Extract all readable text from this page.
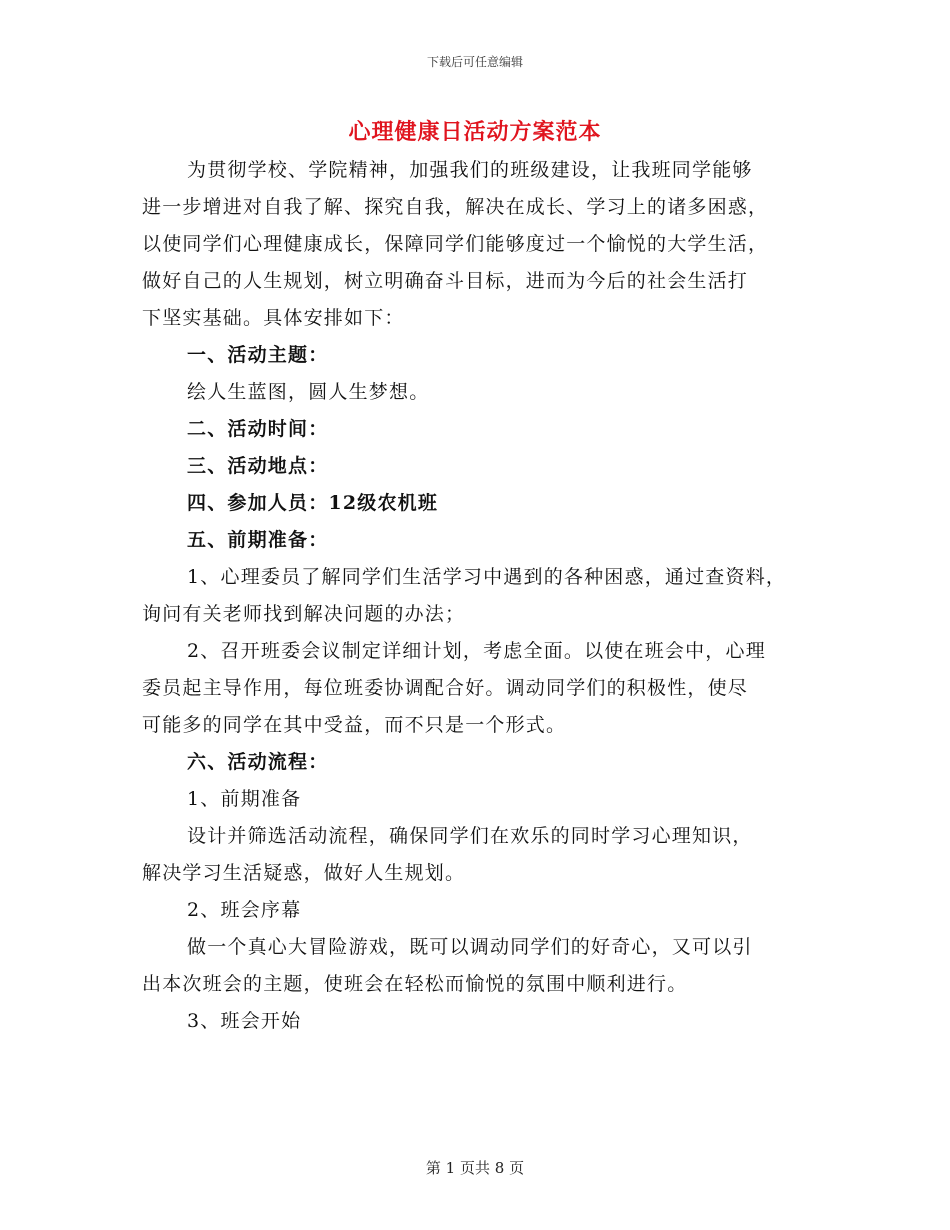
下载后可任意编辑
心理健康日活动方案范本

为贯彻学校、学院精神，加强我们的班级建设，让我班同学能够
进一步增进对自我了解、探究自我，解决在成长、学习上的诸多困惑，
以使同学们心理健康成长，保障同学们能够度过一个愉悦的大学生活，
做好自己的人生规划，树立明确奋斗目标，进而为今后的社会生活打
下坚实基础。具体安排如下：

一、活动主题：

绘人生蓝图，圆人生梦想。

二、活动时间：

三、活动地点：

四、参加人员：12级农机班

五、前期准备：

1、心理委员了解同学们生活学习中遇到的各种困惑，通过查资料，
询问有关老师找到解决问题的办法；

2、召开班委会议制定详细计划，考虑全面。以使在班会中，心理
委员起主导作用，每位班委协调配合好。调动同学们的积极性，使尽
可能多的同学在其中受益，而不只是一个形式。

六、活动流程：

1、前期准备

设计并筛选活动流程，确保同学们在欢乐的同时学习心理知识，
解决学习生活疑惑，做好人生规划。

2、班会序幕

做一个真心大冒险游戏，既可以调动同学们的好奇心，又可以引
出本次班会的主题，使班会在轻松而愉悦的氛围中顺利进行。

3、班会开始

第 1 页共 8 页
